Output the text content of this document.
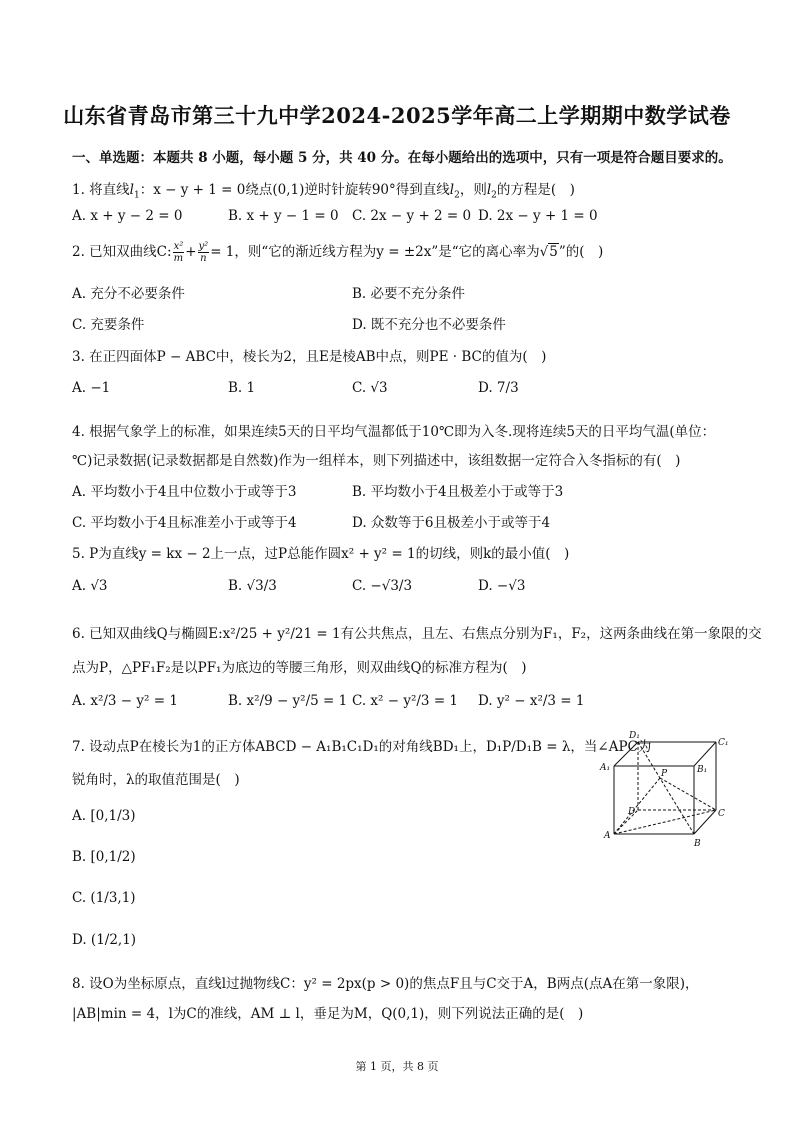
山东省青岛市第三十九中学2024-2025学年高二上学期期中数学试卷
一、单选题：本题共 8 小题，每小题 5 分，共 40 分。在每小题给出的选项中，只有一项是符合题目要求的。
1. 将直线$l_1$：x − y + 1 = 0绕点(0,1)逆时针旋转90°得到直线$l_2$，则$l_2$的方程是(　)
A. x + y − 2 = 0	B. x + y − 1 = 0 C. 2x − y + 2 = 0 D. 2x − y + 1 = 0
2. 已知双曲线C: $\frac{\text{x²}}{m} + \frac{\text{y²}}{n} = 1$，则“它的渐近线方程为y = ±2x”是“它的离心率为√5”的(　)
A. 充分不必要条件	B. 必要不充分条件
C. 充要条件	D. 既不充分也不必要条件
3. 在正四面体P − ABC中，棱长为2，且E是棱AB中点，则PE · BC的值为(　)
A. −1	B. 1	C. √3	D. 7/3
4. 根据气象学上的标准，如果连续5天的日平均气温都低于10℃即为入冬.现将连续5天的日平均气温(单位：
℃)记录数据(记录数据都是自然数)作为一组样本，则下列描述中，该组数据一定符合入冬指标的有(　)
A. 平均数小于4且中位数小于或等于3	B. 平均数小于4且极差小于或等于3
C. 平均数小于4且标准差小于或等于4	D. 众数等于6且极差小于或等于4
5. P为直线y = kx − 2上一点，过P总能作圆x² + y² = 1的切线，则k的最小值(　)
A. √3	B. √3/3	C. −√3/3	D. −√3
6. 已知双曲线Q与椭圆E:x²/25 + y²/21 = 1有公共焦点，且左、右焦点分别为F₁，F₂，这两条曲线在第一象限的交
点为P，△PF₁F₂是以PF₁为底边的等腰三角形，则双曲线Q的标准方程为(　)
A. x²/3 − y² = 1	B. x²/9 − y²/5 = 1 C. x² − y²/3 = 1 D. y² − x²/3 = 1
7. 设动点P在棱长为1的正方体ABCD − A₁B₁C₁D₁的对角线BD₁上，D₁P/D₁B = λ，当∠APC为
锐角时，λ的取值范围是(　)
A. [0,1/3)
B. [0,1/2)
C. (1/3,1)
D. (1/2,1)
D₁
C₁
A₁	B₁
P
D	C
A
B
8. 设O为坐标原点，直线l过抛物线C：y² = 2px(p > 0)的焦点F且与C交于A，B两点(点A在第一象限)，
|AB|min = 4，l为C的准线，AM ⊥ l，垂足为M，Q(0,1)，则下列说法正确的是(　)
第 1 页，共 8 页
